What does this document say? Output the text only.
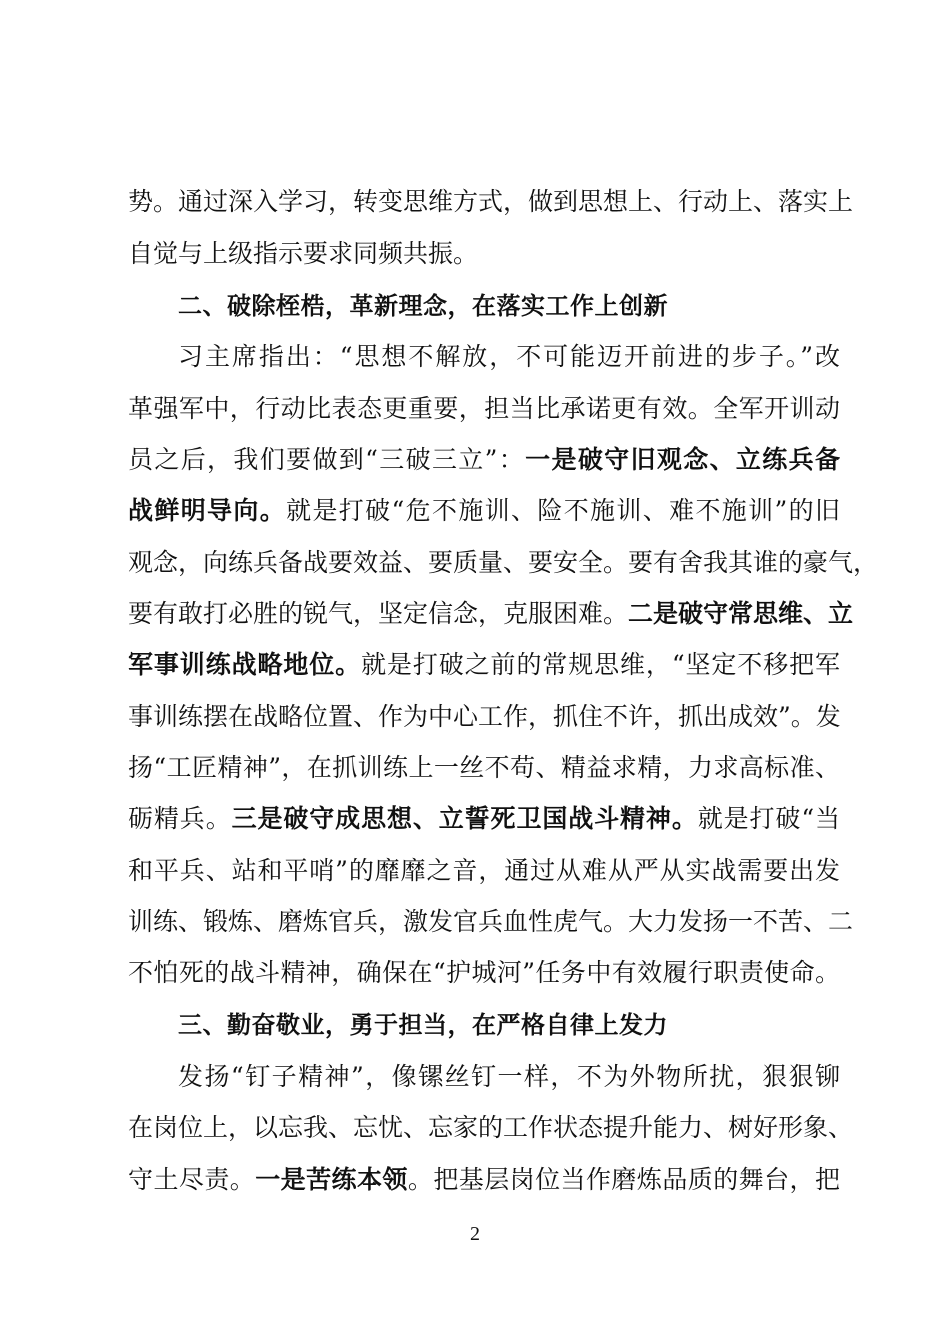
势。通过深入学习，转变思维方式，做到思想上、行动上、落实上
自觉与上级指示要求同频共振。
二、破除桎梏，革新理念，在落实工作上创新
习主席指出：“思想不解放，不可能迈开前进的步子。”改
革强军中，行动比表态更重要，担当比承诺更有效。全军开训动
员之后，我们要做到“三破三立”：一是破守旧观念、立练兵备
战鲜明导向。就是打破“危不施训、险不施训、难不施训”的旧
观念，向练兵备战要效益、要质量、要安全。要有舍我其谁的豪气，
要有敢打必胜的锐气，坚定信念，克服困难。二是破守常思维、立
军事训练战略地位。就是打破之前的常规思维，“坚定不移把军
事训练摆在战略位置、作为中心工作，抓住不许，抓出成效”。发
扬“工匠精神”，在抓训练上一丝不苟、精益求精，力求高标准、
砺精兵。三是破守成思想、立誓死卫国战斗精神。就是打破“当
和平兵、站和平哨”的靡靡之音，通过从难从严从实战需要出发
训练、锻炼、磨炼官兵，激发官兵血性虎气。大力发扬一不苦、二
不怕死的战斗精神，确保在“护城河”任务中有效履行职责使命。
三、勤奋敬业，勇于担当，在严格自律上发力
发扬“钉子精神”，像镙丝钉一样，不为外物所扰，狠狠铆
在岗位上，以忘我、忘忧、忘家的工作状态提升能力、树好形象、
守土尽责。一是苦练本领。把基层岗位当作磨炼品质的舞台，把
2
